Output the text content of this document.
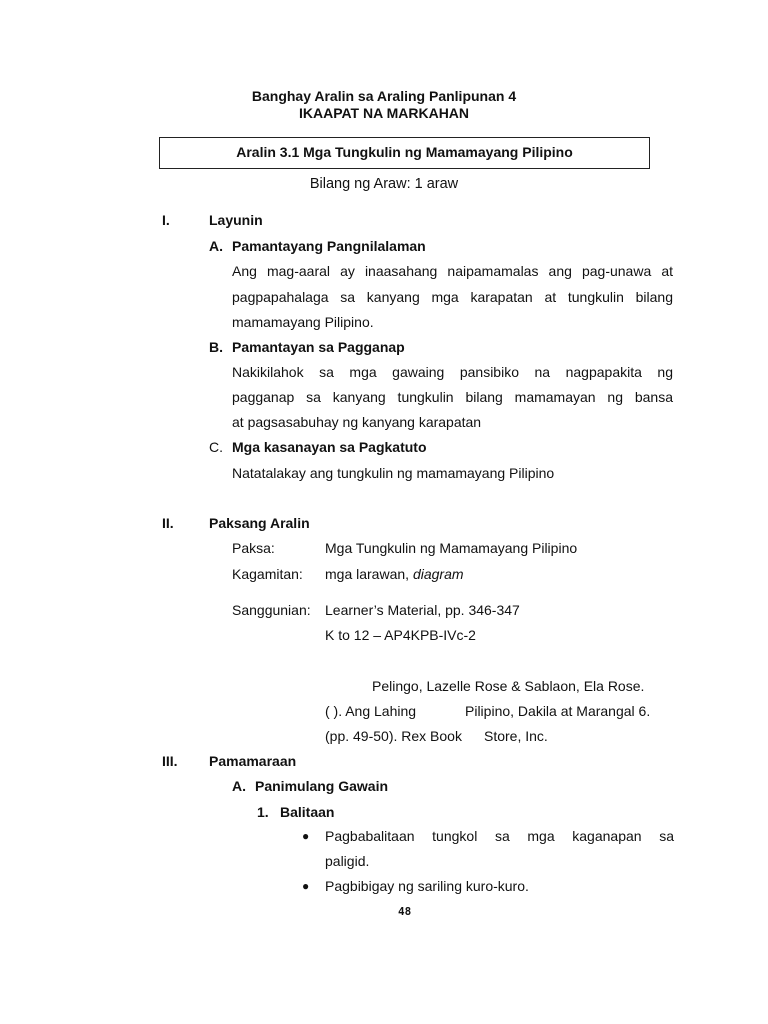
Banghay Aralin sa Araling Panlipunan 4
IKAAPAT NA MARKAHAN
Aralin 3.1 Mga Tungkulin ng Mamamayang Pilipino
Bilang ng Araw: 1 araw
I.	Layunin
A. Pamantayang Pangnilalaman
Ang mag-aaral ay inaasahang naipamamalas ang pag-unawa at
pagpapahalaga sa kanyang mga karapatan at tungkulin bilang
mamamayang Pilipino.
B. Pamantayan sa Pagganap
Nakikilahok sa mga gawaing pansibiko na nagpapakita ng
pagganap sa kanyang tungkulin bilang mamamayan ng bansa
at pagsasabuhay ng kanyang karapatan
C. Mga kasanayan sa Pagkatuto
Natatalakay ang tungkulin ng mamamayang Pilipino
II.	Paksang Aralin
Paksa:	Mga Tungkulin ng Mamamayang Pilipino
Kagamitan: mga larawan, diagram
Sanggunian: Learner’s Material, pp. 346-347
K to 12 – AP4KPB-IVc-2
Pelingo, Lazelle Rose & Sablaon, Ela Rose.
( ). Ang Lahing	Pilipino, Dakila at Marangal 6.
(pp. 49-50). Rex Book Store, Inc.
III. Pamamaraan
A. Panimulang Gawain
1. Balitaan
● Pagbabalitaan tungkol sa mga kaganapan sa
paligid.
● Pagbibigay ng sariling kuro-kuro.
48
